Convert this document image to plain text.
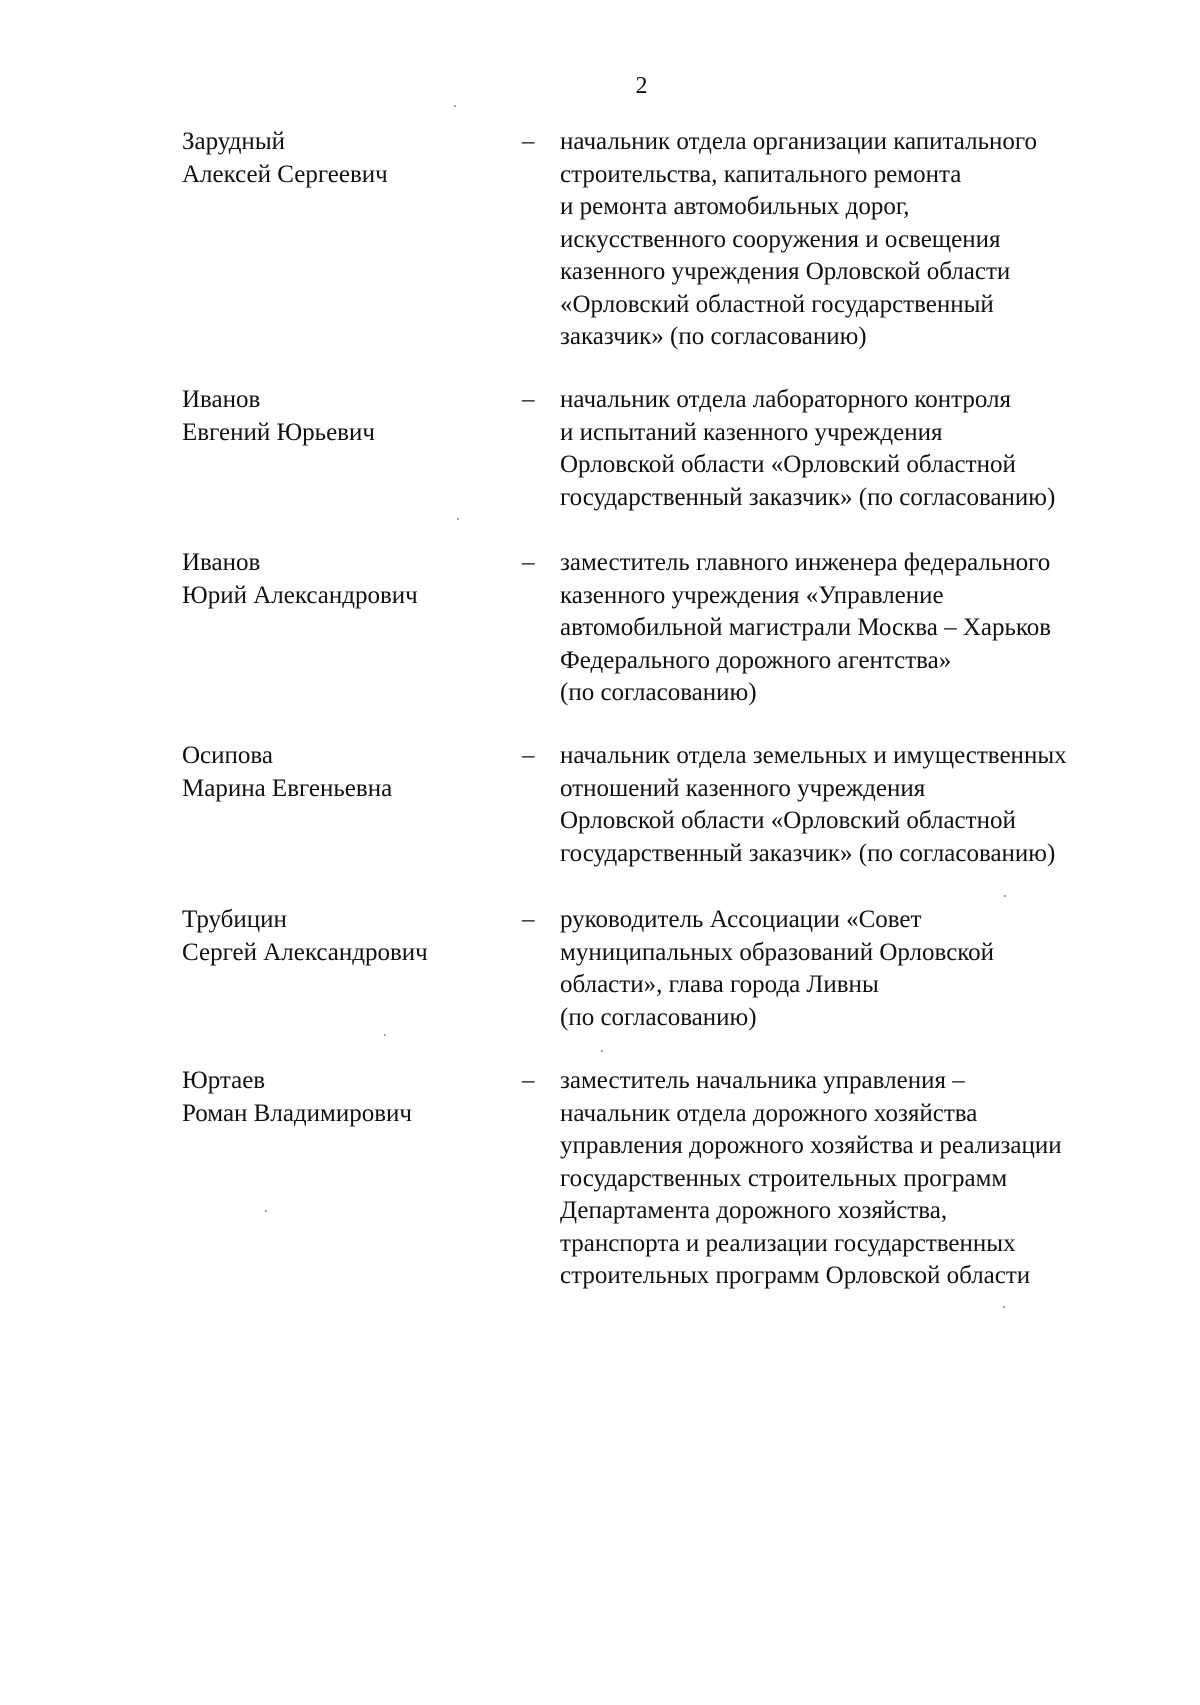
2
Зарудный
Алексей Сергеевич
– начальник отдела организации капитального
строительства, капитального ремонта
и ремонта автомобильных дорог,
искусственного сооружения и освещения
казенного учреждения Орловской области
«Орловский областной государственный
заказчик» (по согласованию)
Иванов
Евгений Юрьевич
– начальник отдела лабораторного контроля
и испытаний казенного учреждения
Орловской области «Орловский областной
государственный заказчик» (по согласованию)
Иванов
Юрий Александрович
– заместитель главного инженера федерального
казенного учреждения «Управление
автомобильной магистрали Москва – Харьков
Федерального дорожного агентства»
(по согласованию)
Осипова
Марина Евгеньевна
– начальник отдела земельных и имущественных
отношений казенного учреждения
Орловской области «Орловский областной
государственный заказчик» (по согласованию)
Трубицин
Сергей Александрович
– руководитель Ассоциации «Совет
муниципальных образований Орловской
области», глава города Ливны
(по согласованию)
Юртаев
Роман Владимирович
– заместитель начальника управления –
начальник отдела дорожного хозяйства
управления дорожного хозяйства и реализации
государственных строительных программ
Департамента дорожного хозяйства,
транспорта и реализации государственных
строительных программ Орловской области
